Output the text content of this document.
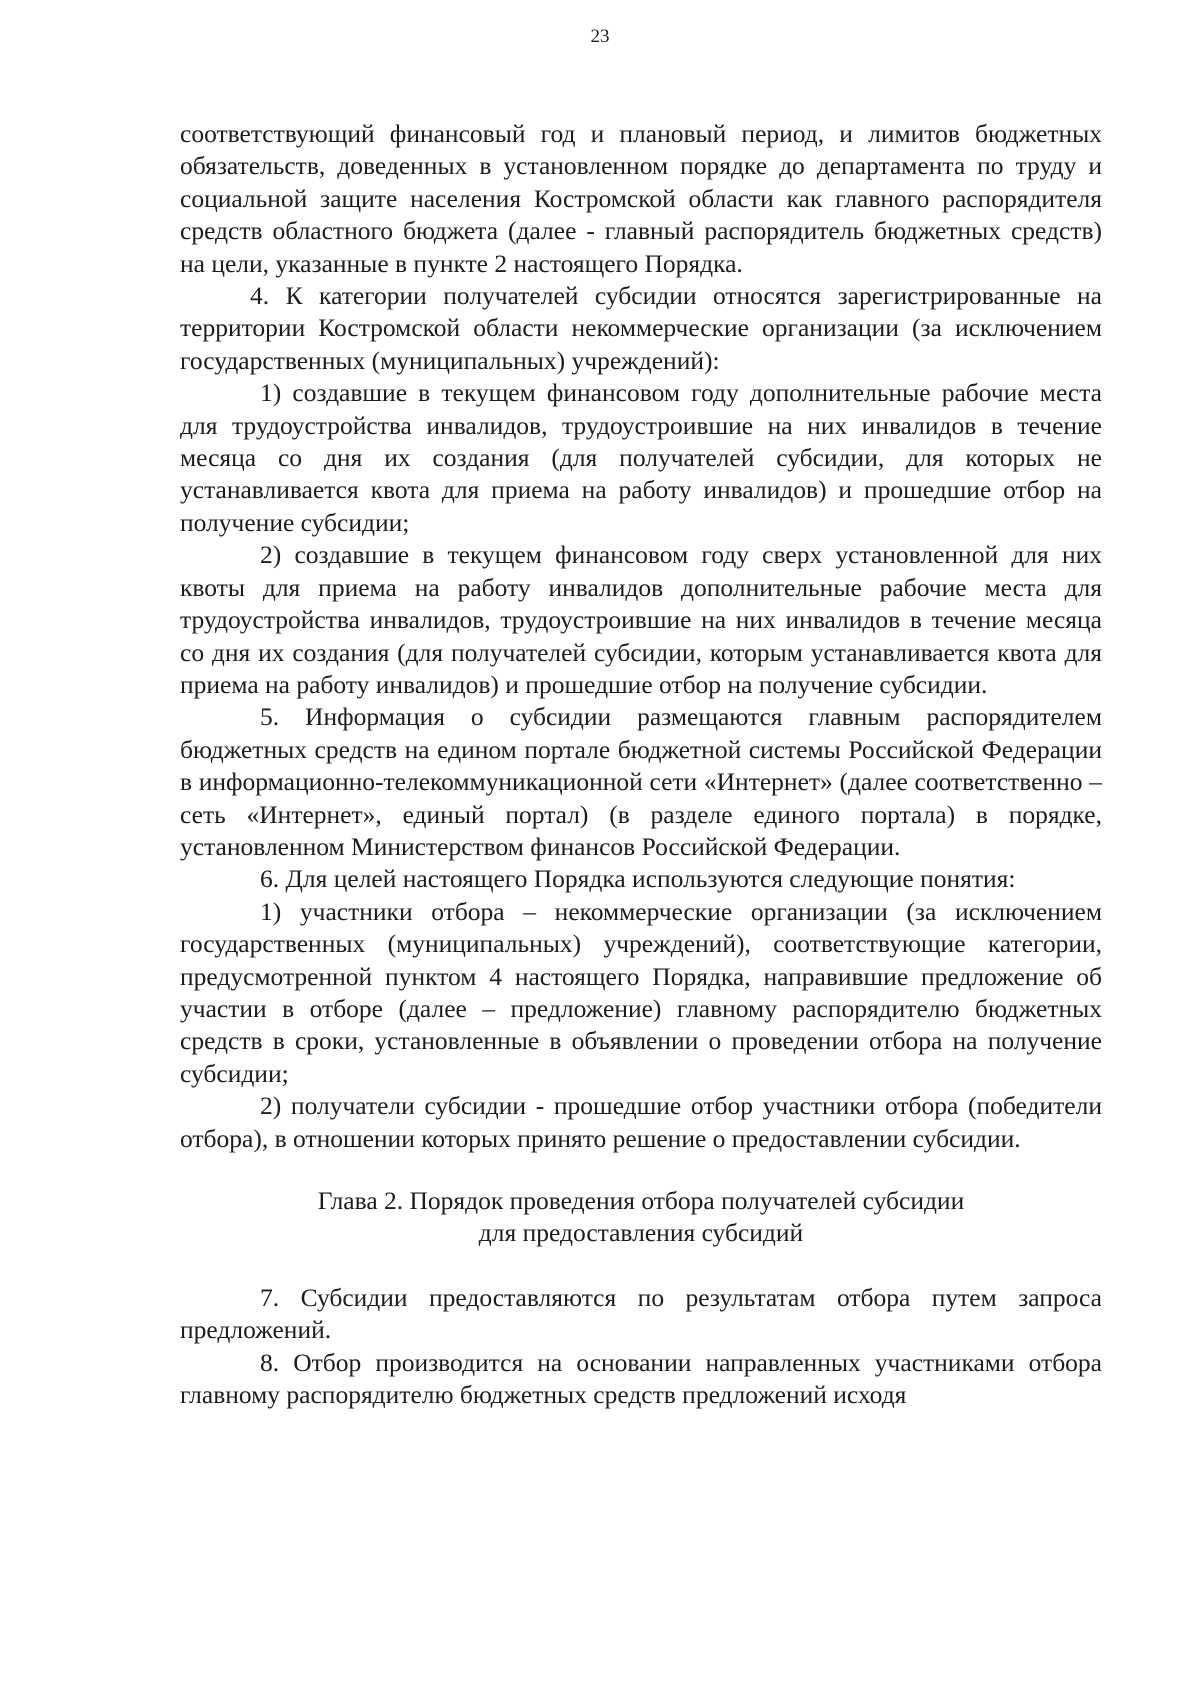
23

соответствующий финансовый год и плановый период, и лимитов бюджетных обязательств, доведенных в установленном порядке до департамента по труду и социальной защите населения Костромской области как главного распорядителя средств областного бюджета (далее - главный распорядитель бюджетных средств) на цели, указанные в пункте 2 настоящего Порядка.

4. К категории получателей субсидии относятся зарегистрированные на территории Костромской области некоммерческие организации (за исключением государственных (муниципальных) учреждений):

1) создавшие в текущем финансовом году дополнительные рабочие места для трудоустройства инвалидов, трудоустроившие на них инвалидов в течение месяца со дня их создания (для получателей субсидии, для которых не устанавливается квота для приема на работу инвалидов) и прошедшие отбор на получение субсидии;

2) создавшие в текущем финансовом году сверх установленной для них квоты для приема на работу инвалидов дополнительные рабочие места для трудоустройства инвалидов, трудоустроившие на них инвалидов в течение месяца со дня их создания (для получателей субсидии, которым устанавливается квота для приема на работу инвалидов) и прошедшие отбор на получение субсидии.

5. Информация о субсидии размещаются главным распорядителем бюджетных средств на едином портале бюджетной системы Российской Федерации в информационно-телекоммуникационной сети «Интернет» (далее соответственно – сеть «Интернет», единый портал) (в разделе единого портала) в порядке, установленном Министерством финансов Российской Федерации.

6. Для целей настоящего Порядка используются следующие понятия:

1) участники отбора – некоммерческие организации (за исключением государственных (муниципальных) учреждений), соответствующие категории, предусмотренной пунктом 4 настоящего Порядка, направившие предложение об участии в отборе (далее – предложение) главному распорядителю бюджетных средств в сроки, установленные в объявлении о проведении отбора на получение субсидии;

2) получатели субсидии - прошедшие отбор участники отбора (победители отбора), в отношении которых принято решение о предоставлении субсидии.

Глава 2. Порядок проведения отбора получателей субсидии
для предоставления субсидий

7. Субсидии предоставляются по результатам отбора путем запроса предложений.

8. Отбор производится на основании направленных участниками отбора главному распорядителю бюджетных средств предложений исходя
